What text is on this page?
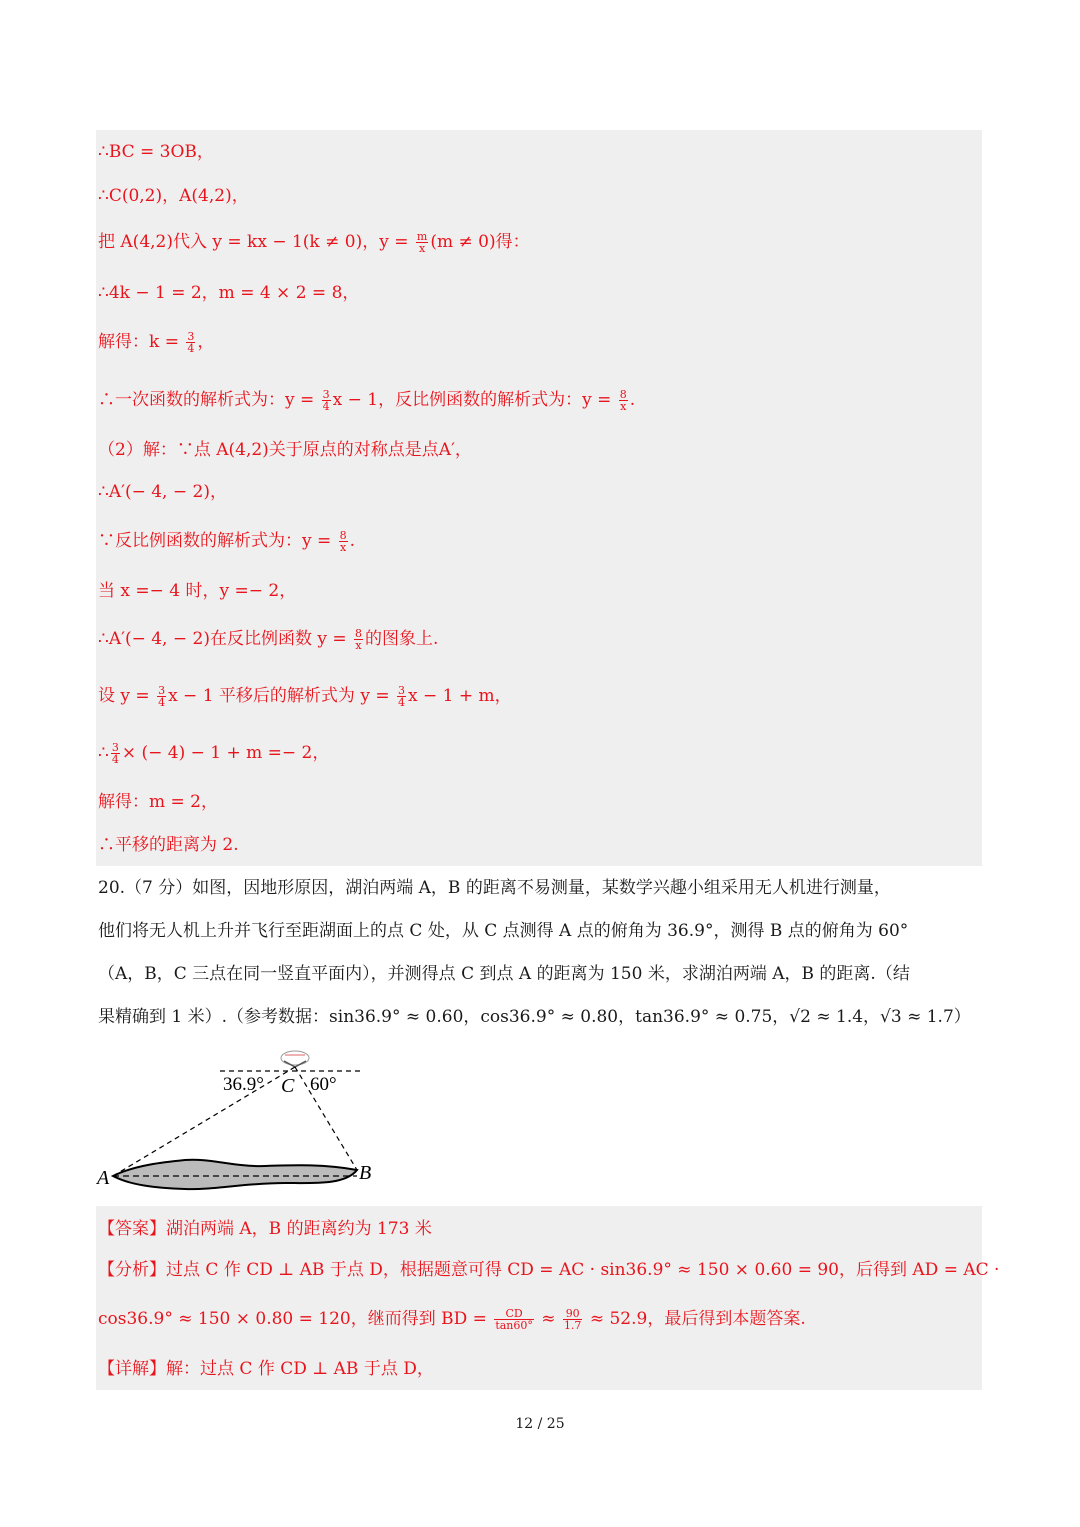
∴BC = 3OB，
∴C(0,2)，A(4,2)，
把 A(4,2)代入 y = kx − 1(k ≠ 0)，$y = \frac{m}{x} (m \ne 0)$得：
∴4k − 1 = 2，m = 4 × 2 = 8，
解得：$k = \frac{3}{4}$ ，
∴一次函数的解析式为：$y = \frac{3}{4}$ x − 1，反比例函数的解析式为：$y = \frac{8}{x}$ .
（2）解：∵点 A(4,2)关于原点的对称点是点A′，
∴A′(− 4, − 2)，
∵反比例函数的解析式为：$y = \frac{8}{x}$ .
当 x =− 4 时，y =− 2，
∴A′(− 4, − 2)在反比例函数 $y = \frac{8}{x}$ 的图象上.
设 $y = \frac{3}{4}$ x − 1 平移后的解析式为 $y = \frac{3}{4}$ x − 1 + m，
∴ $\frac{3}{4}$ × (− 4) − 1 + m =− 2，
解得：m = 2，
∴平移的距离为 2.
20.（7 分）如图，因地形原因，湖泊两端 A，B 的距离不易测量，某数学兴趣小组采用无人机进行测量，
他们将无人机上升并飞行至距湖面上的点 C 处，从 C 点测得 A 点的俯角为 36.9°，测得 B 点的俯角为 60°
（A，B，C 三点在同一竖直平面内），并测得点 C 到点 A 的距离为 150 米，求湖泊两端 A，B 的距离.（结
果精确到 1 米）.（参考数据：sin36.9° ≈ 0.60，cos36.9° ≈ 0.80，tan36.9° ≈ 0.75，√2 ≈ 1.4，√3 ≈ 1.7）
36.9° C 60°
A	B
【答案】湖泊两端 A，B 的距离约为 173 米
【分析】过点 C 作 CD ⊥ AB 于点 D，根据题意可得 CD = AC · sin36.9° ≈ 150 × 0.60 = 90，后得到 AD = AC ·
cos36.9° ≈ 150 × 0.80 = 120，继而得到 BD = $\frac{CD}{\tan 60^\circ} \approx \frac{90}{1.7} \approx 52.9$，最后得到本题答案.
【详解】解：过点 C 作 CD ⊥ AB 于点 D，
12 / 25
